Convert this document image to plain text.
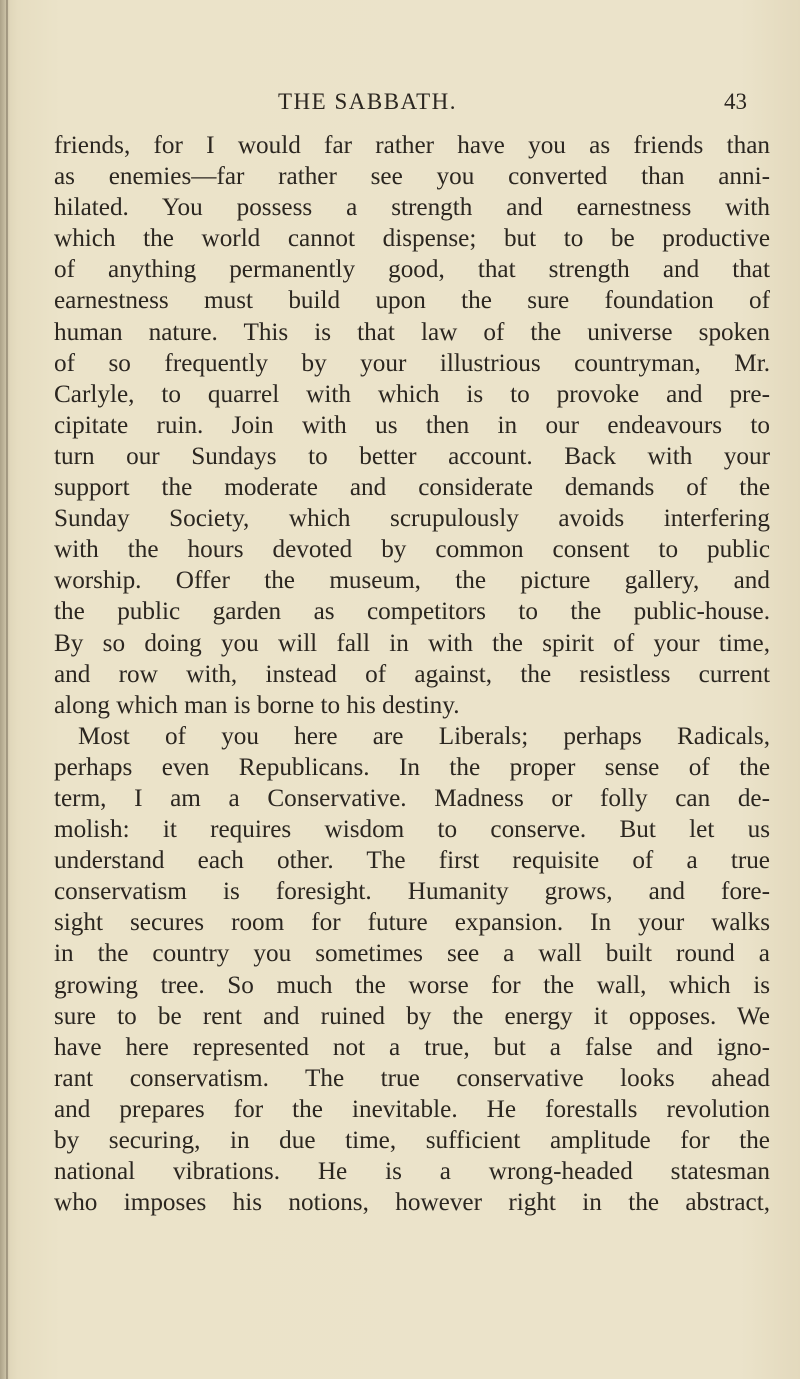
THE SABBATH.	43
friends, for I would far rather have you as friends than
as enemies—far rather see you converted than anni-
hilated. You possess a strength and earnestness with
which the world cannot dispense; but to be productive
of anything permanently good, that strength and that
earnestness must build upon the sure foundation of
human nature. This is that law of the universe spoken
of so frequently by your illustrious countryman, Mr.
Carlyle, to quarrel with which is to provoke and pre-
cipitate ruin. Join with us then in our endeavours to
turn our Sundays to better account. Back with your
support the moderate and considerate demands of the
Sunday Society, which scrupulously avoids interfering
with the hours devoted by common consent to public
worship. Offer the museum, the picture gallery, and
the public garden as competitors to the public-house.
By so doing you will fall in with the spirit of your time,
and row with, instead of against, the resistless current
along which man is borne to his destiny.
Most of you here are Liberals; perhaps Radicals,
perhaps even Republicans. In the proper sense of the
term, I am a Conservative. Madness or folly can de-
molish: it requires wisdom to conserve. But let us
understand each other. The first requisite of a true
conservatism is foresight. Humanity grows, and fore-
sight secures room for future expansion. In your walks
in the country you sometimes see a wall built round a
growing tree. So much the worse for the wall, which is
sure to be rent and ruined by the energy it opposes. We
have here represented not a true, but a false and igno-
rant conservatism. The true conservative looks ahead
and prepares for the inevitable. He forestalls revolution
by securing, in due time, sufficient amplitude for the
national vibrations. He is a wrong-headed statesman
who imposes his notions, however right in the abstract,
